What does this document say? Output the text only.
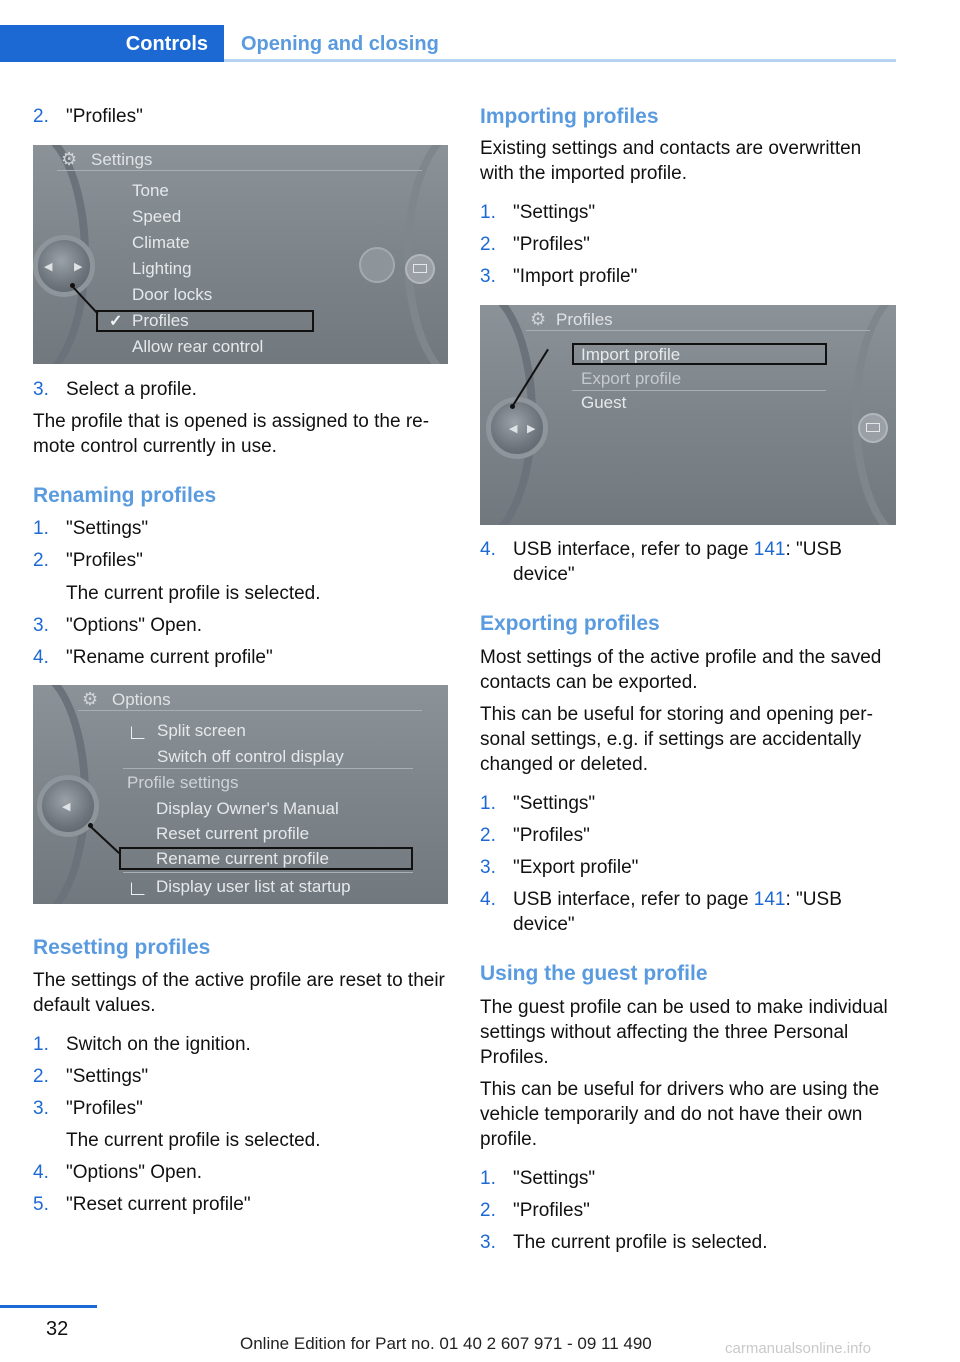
Controls Opening and closing
2. "Profiles"
⚙ Settings
◀ ▶
Tone
Speed
Climate
Lighting
Door locks
✓ Profiles
Allow rear control
3. Select a profile.
The profile that is opened is assigned to the re-mote control currently in use.
Renaming profiles
1. "Settings"
2. "Profiles"
The current profile is selected.
3. "Options" Open.
4. "Rename current profile"
⚙ Options
◀
Split screen
Switch off control display
Profile settings
Display Owner's Manual
Reset current profile
Rename current profile
Display user list at startup
Resetting profiles
The settings of the active profile are reset to their default values.
1. Switch on the ignition.
2. "Settings"
3. "Profiles"
The current profile is selected.
4. "Options" Open.
5. "Reset current profile"
Importing profiles
Existing settings and contacts are overwritten with the imported profile.
1. "Settings"
2. "Profiles"
3. "Import profile"
⚙ Profiles
◀ ▶
Import profile
Export profile
Guest
4. USB interface, refer to page 141: "USB device"
Exporting profiles
Most settings of the active profile and the saved contacts can be exported.
This can be useful for storing and opening per-sonal settings, e.g. if settings are accidentally changed or deleted.
1. "Settings"
2. "Profiles"
3. "Export profile"
4. USB interface, refer to page 141: "USB device"
Using the guest profile
The guest profile can be used to make individual settings without affecting the three Personal Profiles.
This can be useful for drivers who are using the vehicle temporarily and do not have their own profile.
1. "Settings"
2. "Profiles"
3. The current profile is selected.
32
Online Edition for Part no. 01 40 2 607 971 - 09 11 490	carmanualsonline.info
